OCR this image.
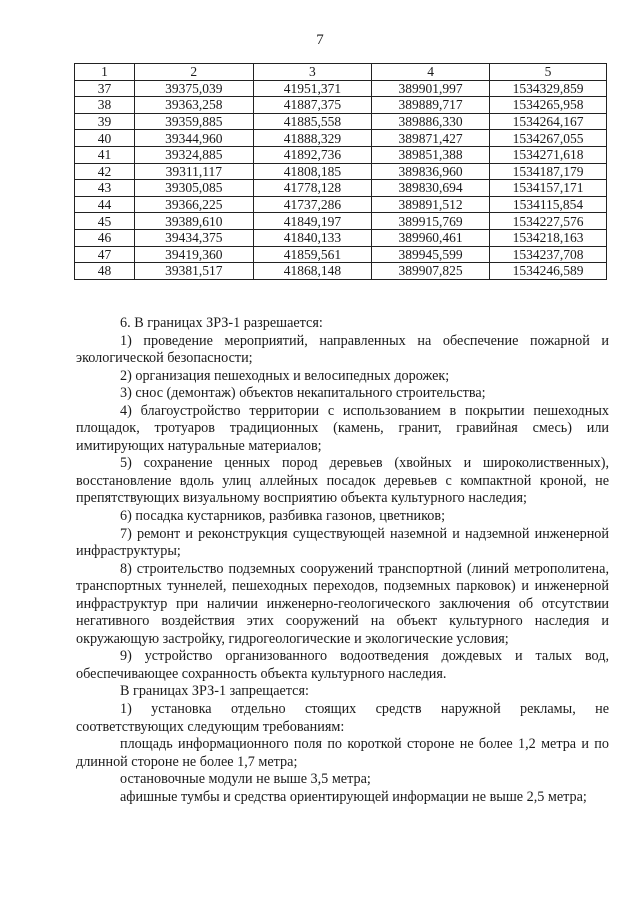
7
1	2	3	4	5
37	39375,039	41951,371	389901,997	1534329,859
38	39363,258	41887,375	389889,717	1534265,958
39	39359,885	41885,558	389886,330	1534264,167
40	39344,960	41888,329	389871,427	1534267,055
41	39324,885	41892,736	389851,388	1534271,618
42	39311,117	41808,185	389836,960	1534187,179
43	39305,085	41778,128	389830,694	1534157,171
44	39366,225	41737,286	389891,512	1534115,854
45	39389,610	41849,197	389915,769	1534227,576
46	39434,375	41840,133	389960,461	1534218,163
47	39419,360	41859,561	389945,599	1534237,708
48	39381,517	41868,148	389907,825	1534246,589

6. В границах ЗРЗ-1 разрешается:

1) проведение мероприятий, направленных на обеспечение пожарной и экологической безопасности;

2) организация пешеходных и велосипедных дорожек;

3) снос (демонтаж) объектов некапитального строительства;

4) благоустройство территории с использованием в покрытии пешеходных площадок, тротуаров традиционных (камень, гранит, гравийная смесь) или имитирующих натуральные материалов;

5) сохранение ценных пород деревьев (хвойных и широколиственных), восстановление вдоль улиц аллейных посадок деревьев с компактной кроной, не препятствующих визуальному восприятию объекта культурного наследия;

6) посадка кустарников, разбивка газонов, цветников;

7) ремонт и реконструкция существующей наземной и надземной инженерной инфраструктуры;

8) строительство подземных сооружений транспортной (линий метрополитена, транспортных туннелей, пешеходных переходов, подземных парковок) и инженерной инфраструктур при наличии инженерно-геологического заключения об отсутствии негативного воздействия этих сооружений на объект культурного наследия и окружающую застройку, гидрогеологические и экологические условия;

9) устройство организованного водоотведения дождевых и талых вод, обеспечивающее сохранность объекта культурного наследия.

В границах ЗРЗ-1 запрещается:

1) установка отдельно стоящих средств наружной рекламы, не соответствующих следующим требованиям:

площадь информационного поля по короткой стороне не более 1,2 метра и по длинной стороне не более 1,7 метра;

остановочные модули не выше 3,5 метра;

афишные тумбы и средства ориентирующей информации не выше 2,5 метра;
